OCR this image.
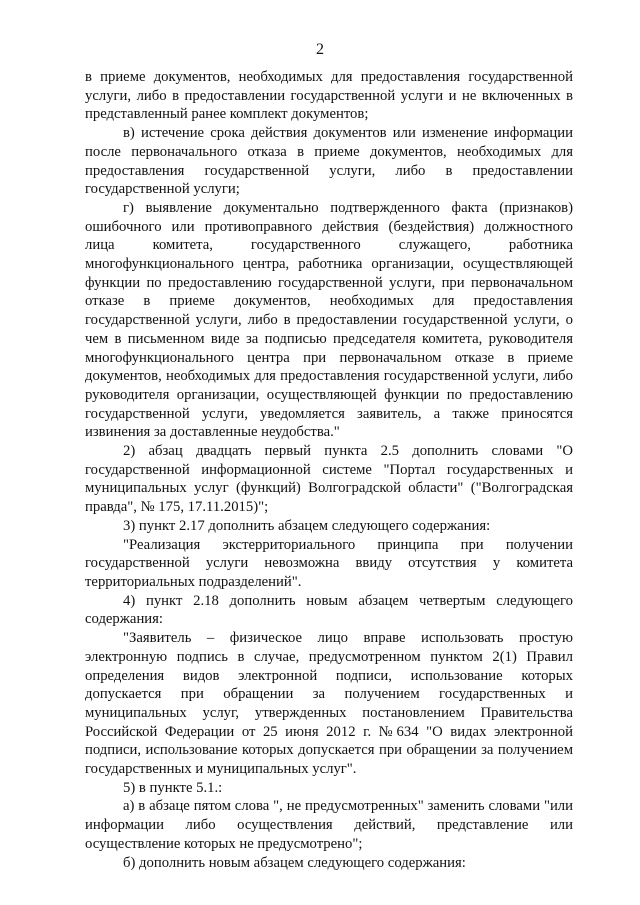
2

в приеме документов, необходимых для предоставления государственной услуги, либо в предоставлении государственной услуги и не включенных в представленный ранее комплект документов;

в) истечение срока действия документов или изменение информации после первоначального отказа в приеме документов, необходимых для предоставления государственной услуги, либо в предоставлении государственной услуги;

г) выявление документально подтвержденного факта (признаков) ошибочного или противоправного действия (бездействия) должностного лица комитета, государственного служащего, работника многофункционального центра, работника организации, осуществляющей функции по предоставлению государственной услуги, при первоначальном отказе в приеме документов, необходимых для предоставления государственной услуги, либо в предоставлении государственной услуги, о чем в письменном виде за подписью председателя комитета, руководителя многофункционального центра при первоначальном отказе в приеме документов, необходимых для предоставления государственной услуги, либо руководителя организации, осуществляющей функции по предоставлению государственной услуги, уведомляется заявитель, а также приносятся извинения за доставленные неудобства."

2) абзац двадцать первый пункта 2.5 дополнить словами "О государственной информационной системе "Портал государственных и муниципальных услуг (функций) Волгоградской области" ("Волгоградская правда", № 175, 17.11.2015)";

3) пункт 2.17 дополнить абзацем следующего содержания:

"Реализация экстерриториального принципа при получении государственной услуги невозможна ввиду отсутствия у комитета территориальных подразделений".

4) пункт 2.18 дополнить новым абзацем четвертым следующего содержания:

"Заявитель – физическое лицо вправе использовать простую электронную подпись в случае, предусмотренном пунктом 2(1) Правил определения видов электронной подписи, использование которых допускается при обращении за получением государственных и муниципальных услуг, утвержденных постановлением Правительства Российской Федерации от 25 июня 2012 г. №634 "О видах электронной подписи, использование которых допускается при обращении за получением государственных и муниципальных услуг".

5) в пункте 5.1.:

а) в абзаце пятом слова ", не предусмотренных" заменить словами "или информации либо осуществления действий, представление или осуществление которых не предусмотрено";

б) дополнить новым абзацем следующего содержания:
